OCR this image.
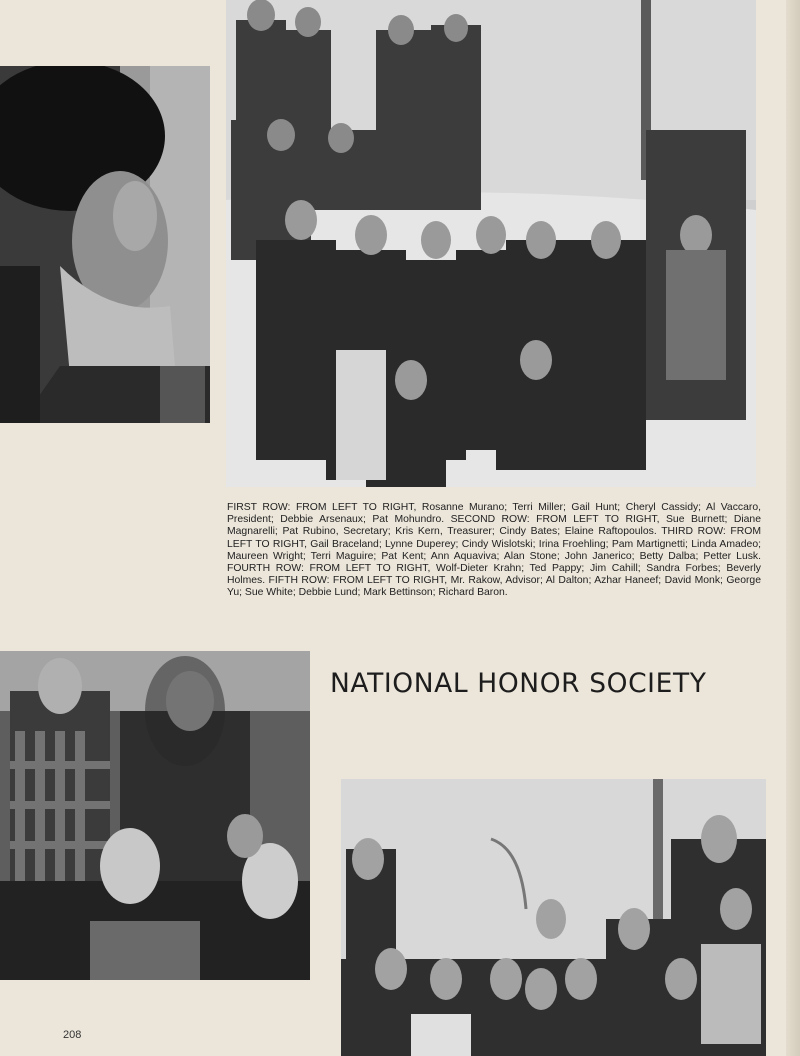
FIRST ROW: FROM LEFT TO RIGHT, Rosanne Murano; Terri Miller; Gail Hunt; Cheryl Cassidy; Al Vaccaro, President; Debbie Arsenaux; Pat Mohundro. SECOND ROW: FROM LEFT TO RIGHT, Sue Burnett; Diane Magnarelli; Pat Rubino, Secretary; Kris Kern, Treasurer; Cindy Bates; Elaine Raftopoulos. THIRD ROW: FROM LEFT TO RIGHT, Gail Braceland; Lynne Duperey; Cindy Wislotski; Irina Froehling; Pam Martignetti; Linda Amadeo; Maureen Wright; Terri Maguire; Pat Kent; Ann Aquaviva; Alan Stone; John Janerico; Betty Dalba; Petter Lusk. FOURTH ROW: FROM LEFT TO RIGHT, Wolf-Dieter Krahn; Ted Pappy; Jim Cahill; Sandra Forbes; Beverly Holmes. FIFTH ROW: FROM LEFT TO RIGHT, Mr. Rakow, Advisor; Al Dalton; Azhar Haneef; David Monk; George Yu; Sue White; Debbie Lund; Mark Bettinson; Richard Baron.

NATIONAL HONOR SOCIETY
208
